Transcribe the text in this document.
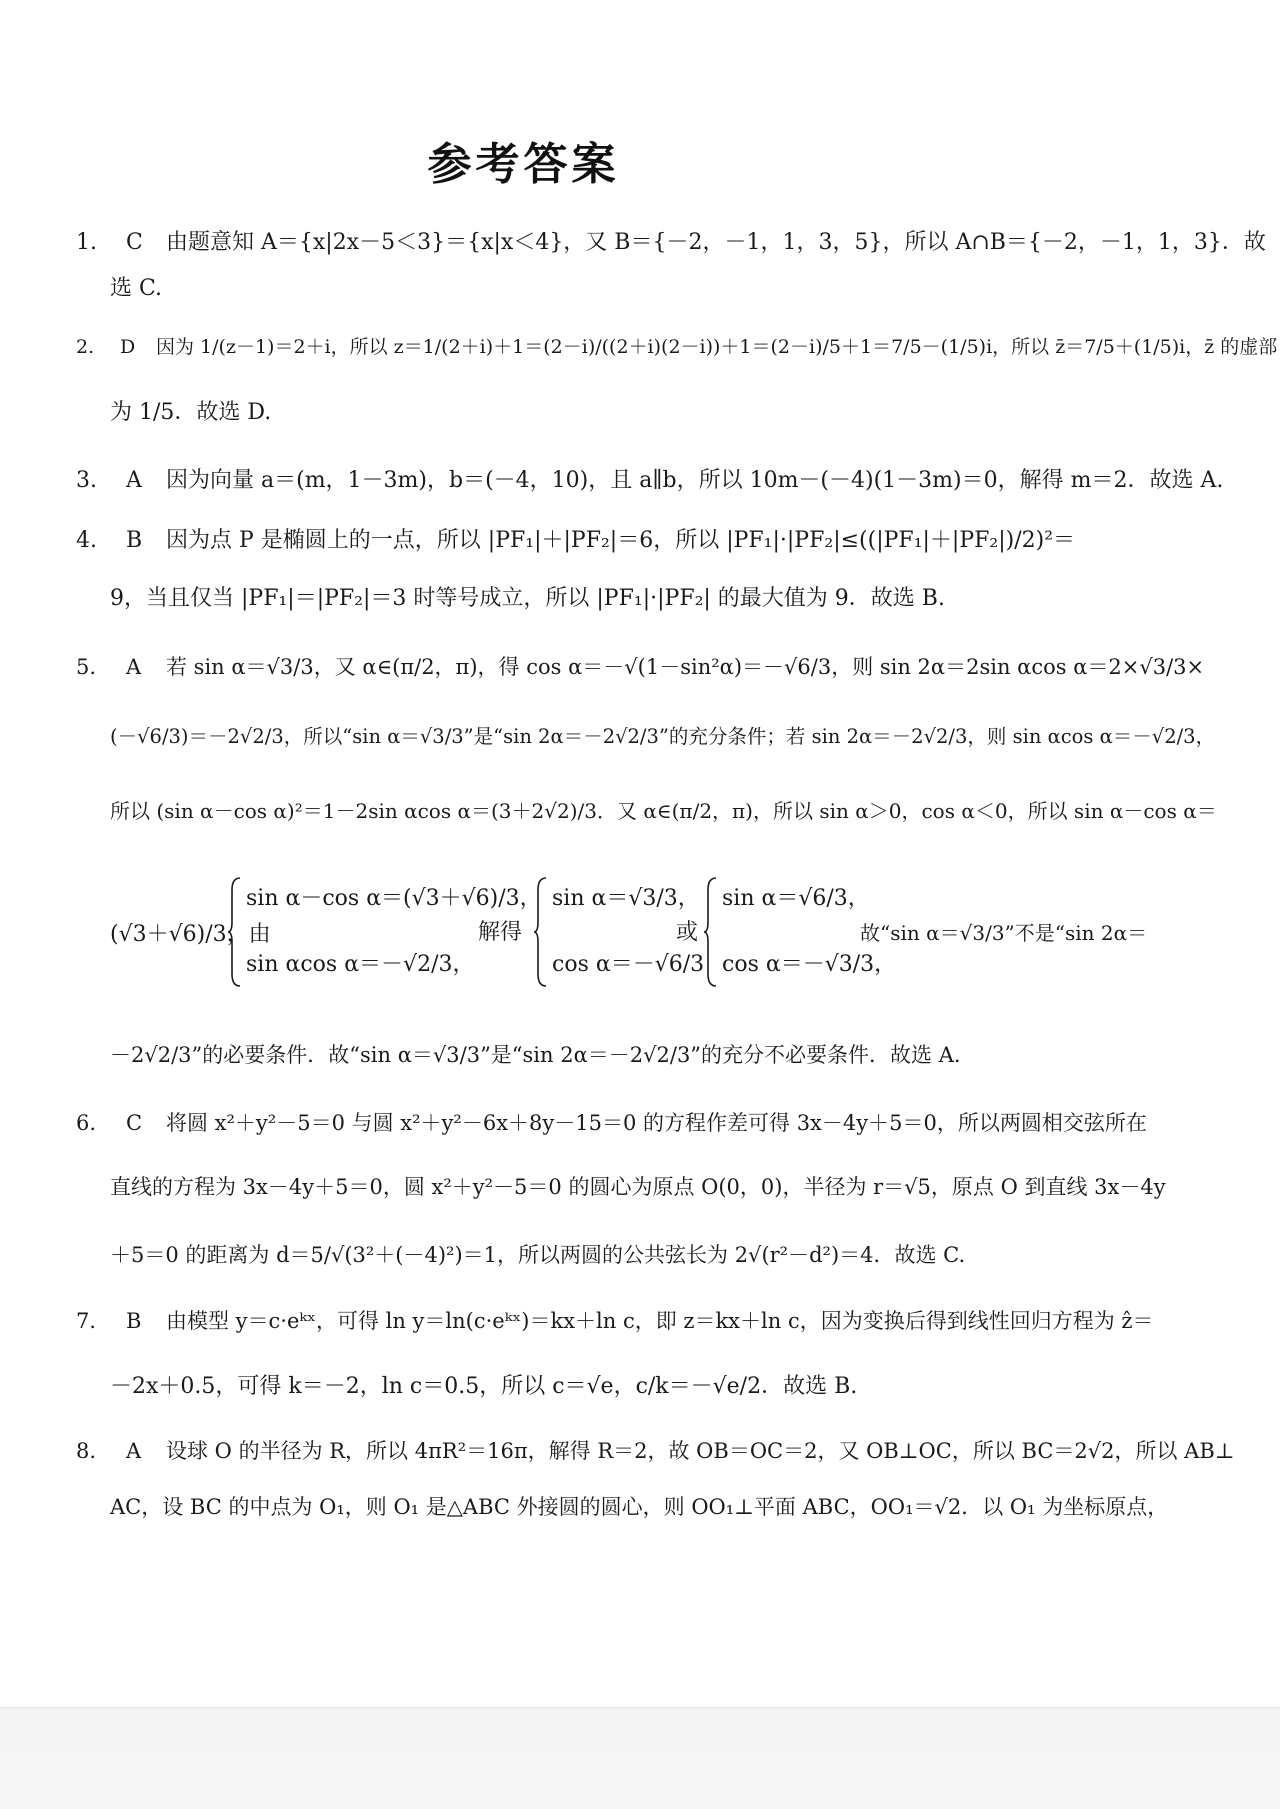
参考答案
1. C 由题意知 A＝{x|2x－5＜3}＝{x|x＜4}，又 B＝{－2，－1，1，3，5}，所以 A∩B＝{－2，－1，1，3}．故
选 C.
2. D 因为 1/(z－1)＝2＋i，所以 z＝1/(2＋i)＋1＝(2－i)/((2＋i)(2－i))＋1＝(2－i)/5＋1＝7/5－(1/5)i，所以 z̄＝7/5＋(1/5)i，z̄ 的虚部
为 1/5．故选 D.
3. A 因为向量 a＝(m，1－3m)，b＝(－4，10)，且 a∥b，所以 10m－(－4)(1－3m)＝0，解得 m＝2．故选 A.
4. B 因为点 P 是椭圆上的一点，所以 |PF₁|＋|PF₂|＝6，所以 |PF₁|·|PF₂|≤((|PF₁|＋|PF₂|)/2)²＝
9，当且仅当 |PF₁|＝|PF₂|＝3 时等号成立，所以 |PF₁|·|PF₂| 的最大值为 9．故选 B.
5. A 若 sin α＝√3/3，又 α∈(π/2，π)，得 cos α＝－√(1－sin²α)＝－√6/3，则 sin 2α＝2sin αcos α＝2×√3/3×
(－√6/3)＝－2√2/3，所以“sin α＝√3/3”是“sin 2α＝－2√2/3”的充分条件；若 sin 2α＝－2√2/3，则 sin αcos α＝－√2/3，
所以 (sin α－cos α)²＝1－2sin αcos α＝(3＋2√2)/3．又 α∈(π/2，π)，所以 sin α＞0，cos α＜0，所以 sin α－cos α＝
(√3＋√6)/3，由
sin α－cos α＝(√3＋√6)/3，
sin αcos α＝－√2/3，
解得
sin α＝√3/3，
cos α＝－√6/3
或
sin α＝√6/3，
cos α＝－√3/3，
故“sin α＝√3/3”不是“sin 2α＝
－2√2/3”的必要条件．故“sin α＝√3/3”是“sin 2α＝－2√2/3”的充分不必要条件．故选 A.
6. C 将圆 x²＋y²－5＝0 与圆 x²＋y²－6x＋8y－15＝0 的方程作差可得 3x－4y＋5＝0，所以两圆相交弦所在
直线的方程为 3x－4y＋5＝0，圆 x²＋y²－5＝0 的圆心为原点 O(0，0)，半径为 r＝√5，原点 O 到直线 3x－4y
＋5＝0 的距离为 d＝5/√(3²＋(－4)²)＝1，所以两圆的公共弦长为 2√(r²－d²)＝4．故选 C.
7. B 由模型 y＝c·eᵏˣ，可得 ln y＝ln(c·eᵏˣ)＝kx＋ln c，即 z＝kx＋ln c，因为变换后得到线性回归方程为 ẑ＝
－2x＋0.5，可得 k＝－2，ln c＝0.5，所以 c＝√e，c/k＝－√e/2．故选 B.
8. A 设球 O 的半径为 R，所以 4πR²＝16π，解得 R＝2，故 OB＝OC＝2，又 OB⊥OC，所以 BC＝2√2，所以 AB⊥
AC，设 BC 的中点为 O₁，则 O₁ 是△ABC 外接圆的圆心，则 OO₁⊥平面 ABC，OO₁＝√2．以 O₁ 为坐标原点，
